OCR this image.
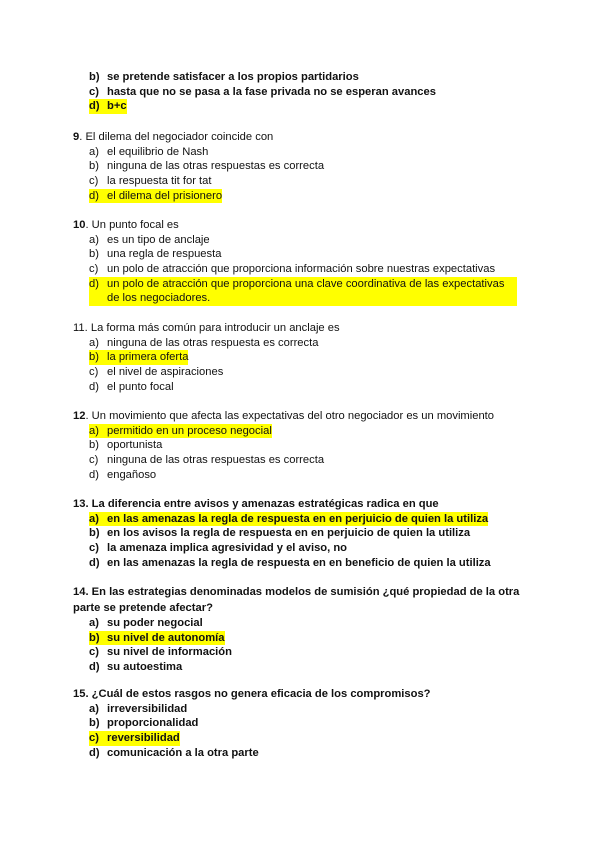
b) se pretende satisfacer a los propios partidarios
c) hasta que no se pasa a la fase privada no se esperan avances
d) b+c

9. El dilema del negociador coincide con

a) el equilibrio de Nash
b) ninguna de las otras respuestas es correcta
c) la respuesta tit for tat
d) el dilema del prisionero

10. Un punto focal es

a) es un tipo de anclaje
b) una regla de respuesta
c) un polo de atracción que proporciona información sobre nuestras expectativas
d) un polo de atracción que proporciona una clave coordinativa de las expectativas de los negociadores.

11. La forma más común para introducir un anclaje es

a) ninguna de las otras respuesta es correcta
b) la primera oferta
c) el nivel de aspiraciones
d) el punto focal

12. Un movimiento que afecta las expectativas del otro negociador es un movimiento

a) permitido en un proceso negocial
b) oportunista
c) ninguna de las otras respuestas es correcta
d) engañoso

13. La diferencia entre avisos y amenazas estratégicas radica en que

a) en las amenazas la regla de respuesta en en perjuicio de quien la utiliza
b) en los avisos la regla de respuesta en en perjuicio de quien la utiliza
c) la amenaza implica agresividad y el aviso, no
d) en las amenazas la regla de respuesta en en beneficio de quien la utiliza

14. En las estrategias denominadas modelos de sumisión ¿qué propiedad de la otra parte se pretende afectar?

a) su poder negocial
b) su nivel de autonomía
c) su nivel de información
d) su autoestima

15. ¿Cuál de estos rasgos no genera eficacia de los compromisos?

a) irreversibilidad
b) proporcionalidad
c) reversibilidad
d) comunicación a la otra parte
